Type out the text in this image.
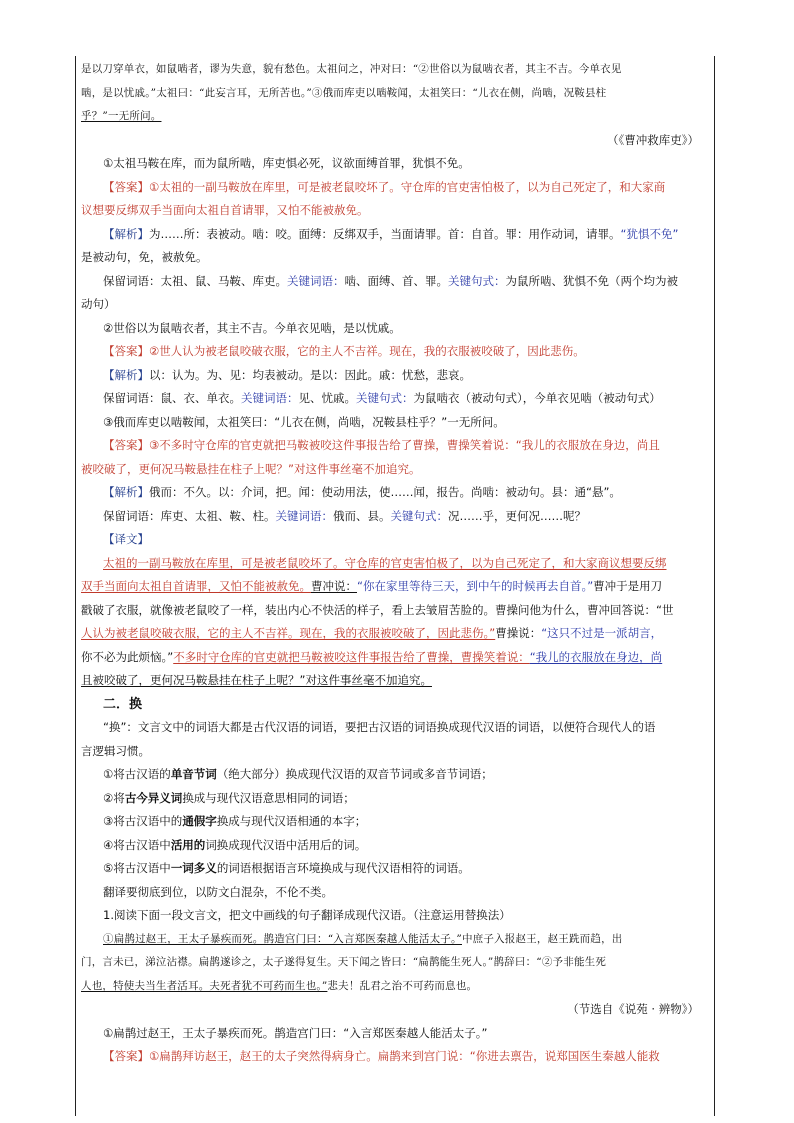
是以刀穿单衣，如鼠啮者，谬为失意，貌有愁色。太祖问之，冲对曰：“②世俗以为鼠啮衣者，其主不吉。今单衣见
啮，是以忧戚。”太祖曰：“此妄言耳，无所苦也。”③俄而库吏以啮鞍闻，太祖笑曰：“儿衣在侧，尚啮，况鞍县柱
乎？”一无所问。
（《曹冲救库吏》）
①太祖马鞍在库，而为鼠所啮，库吏惧必死，议欲面缚首罪，犹惧不免。
【答案】①太祖的一副马鞍放在库里，可是被老鼠咬坏了。守仓库的官吏害怕极了，以为自己死定了，和大家商
议想要反绑双手当面向太祖自首请罪，又怕不能被赦免。
【解析】为……所：表被动。啮：咬。面缚：反绑双手，当面请罪。首：自首。罪：用作动词，请罪。“犹惧不免”
是被动句，免，被赦免。
保留词语：太祖、鼠、马鞍、库吏。关键词语：啮、面缚、首、罪。关键句式：为鼠所啮、犹惧不免（两个均为被
动句）
②世俗以为鼠啮衣者，其主不吉。今单衣见啮，是以忧戚。
【答案】②世人认为被老鼠咬破衣服，它的主人不吉祥。现在，我的衣服被咬破了，因此悲伤。
【解析】以：认为。为、见：均表被动。是以：因此。戚：忧愁，悲哀。
保留词语：鼠、衣、单衣。关键词语：见、忧戚。关键句式：为鼠啮衣（被动句式），今单衣见啮（被动句式）
③俄而库吏以啮鞍闻，太祖笑曰：“儿衣在侧，尚啮，况鞍县柱乎？”一无所问。
【答案】③不多时守仓库的官吏就把马鞍被咬这件事报告给了曹操，曹操笑着说：“我儿的衣服放在身边，尚且
被咬破了，更何况马鞍悬挂在柱子上呢？”对这件事丝毫不加追究。
【解析】俄而：不久。以：介词，把。闻：使动用法，使……闻，报告。尚啮：被动句。县：通“悬”。
保留词语：库吏、太祖、鞍、柱。关键词语：俄而、县。关键句式：况……乎，更何况……呢？
【译文】
太祖的一副马鞍放在库里，可是被老鼠咬坏了。守仓库的官吏害怕极了，以为自己死定了，和大家商议想要反绑
双手当面向太祖自首请罪，又怕不能被赦免。曹冲说：“你在家里等待三天，到中午的时候再去自首。”曹冲于是用刀
戳破了衣服，就像被老鼠咬了一样，装出内心不快活的样子，看上去皱眉苦脸的。曹操问他为什么，曹冲回答说：“世
人认为被老鼠咬破衣服，它的主人不吉祥。现在，我的衣服被咬破了，因此悲伤。”曹操说：“这只不过是一派胡言，
你不必为此烦恼。”不多时守仓库的官吏就把马鞍被咬这件事报告给了曹操，曹操笑着说：“我儿的衣服放在身边，尚
且被咬破了，更何况马鞍悬挂在柱子上呢？”对这件事丝毫不加追究。
二．换
“换”：文言文中的词语大都是古代汉语的词语，要把古汉语的词语换成现代汉语的词语，以便符合现代人的语
言逻辑习惯。
①将古汉语的单音节词（绝大部分）换成现代汉语的双音节词或多音节词语；
②将古今异义词换成与现代汉语意思相同的词语；
③将古汉语中的通假字换成与现代汉语相通的本字；
④将古汉语中活用的词换成现代汉语中活用后的词。
⑤将古汉语中一词多义的词语根据语言环境换成与现代汉语相符的词语。
翻译要彻底到位，以防文白混杂，不伦不类。
1.阅读下面一段文言文，把文中画线的句子翻译成现代汉语。（注意运用替换法）
①扁鹊过赵王，王太子暴疾而死。鹊造宫门曰：“入言郑医秦越人能活太子。”中庶子入报赵王，赵王跣而趋，出
门，言未已，涕泣沾襟。扁鹊遂诊之，太子遂得复生。天下闻之皆曰：“扁鹊能生死人。”鹊辞曰：“②予非能生死
人也，特使夫当生者活耳。夫死者犹不可药而生也。”悲夫！乱君之治不可药而息也。
（节选自《说苑 · 辨物》）
①扁鹊过赵王，王太子暴疾而死。鹊造宫门曰：“入言郑医秦越人能活太子。”
【答案】①扁鹊拜访赵王，赵王的太子突然得病身亡。扁鹊来到宫门说：“你进去禀告，说郑国医生秦越人能救
